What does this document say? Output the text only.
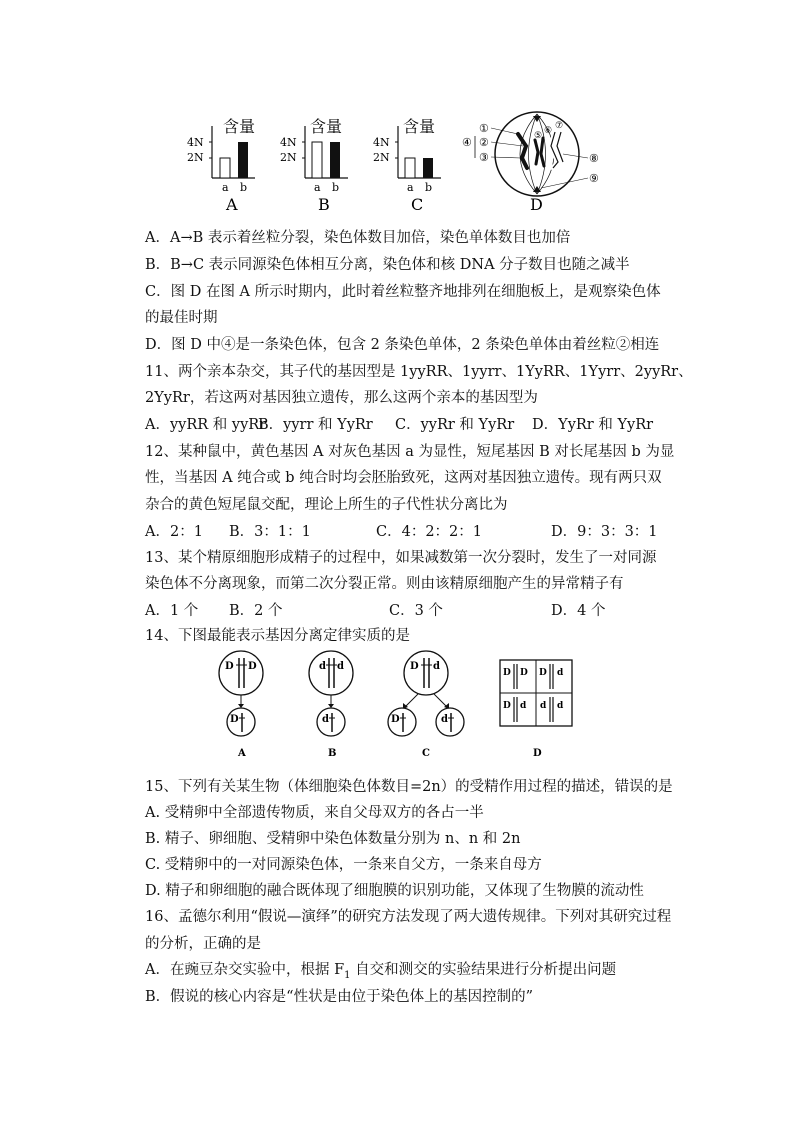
含量
4N
2N
a b
A
含量
4N
2N
a b
B
含量
4N
2N
a b
C
①
②
③
④	⑤ ⑥ ⑦
⑧
⑨
D
A．A→B 表示着丝粒分裂，染色体数目加倍，染色单体数目也加倍
B．B→C 表示同源染色体相互分离，染色体和核 DNA 分子数目也随之减半
C．图 D 在图 A 所示时期内，此时着丝粒整齐地排列在细胞板上，是观察染色体
的最佳时期
D．图 D 中④是一条染色体，包含 2 条染色单体，2 条染色单体由着丝粒②相连
11、两个亲本杂交，其子代的基因型是 1yyRR、1yyrr、1YyRR、1Yyrr、2yyRr、
2YyRr，若这两对基因独立遗传，那么这两个亲本的基因型为
A．yyRR 和 yyRrB．yyrr 和 YyRr C．yyRr 和 YyRr D．YyRr 和 YyRr
12、某种鼠中，黄色基因 A 对灰色基因 a 为显性，短尾基因 B 对长尾基因 b 为显
性，当基因 A 纯合或 b 纯合时均会胚胎致死，这两对基因独立遗传。现有两只双
杂合的黄色短尾鼠交配，理论上所生的子代性状分离比为
A．2：1 B．3：1：1	C．4：2：2：1	D．9：3：3：1
13、某个精原细胞形成精子的过程中，如果减数第一次分裂时，发生了一对同源
染色体不分离现象，而第二次分裂正常。则由该精原细胞产生的异常精子有
A．1 个 B．2 个	C．3 个	D．4 个
14、下图最能表示基因分离定律实质的是
D D
D
A
d d
d
B
D d
D	d
C
D D D d
D d d d
D
15、下列有关某生物（体细胞染色体数目=2n）的受精作用过程的描述，错误的是
A. 受精卵中全部遗传物质，来自父母双方的各占一半
B. 精子、卵细胞、受精卵中染色体数量分别为 n、n 和 2n
C. 受精卵中的一对同源染色体，一条来自父方，一条来自母方
D. 精子和卵细胞的融合既体现了细胞膜的识别功能，又体现了生物膜的流动性
16、孟德尔利用“假说—演绎”的研究方法发现了两大遗传规律。下列对其研究过程
的分析，正确的是
A．在豌豆杂交实验中，根据 $F_1$ 自交和测交的实验结果进行分析提出问题
B．假说的核心内容是“性状是由位于染色体上的基因控制的”
